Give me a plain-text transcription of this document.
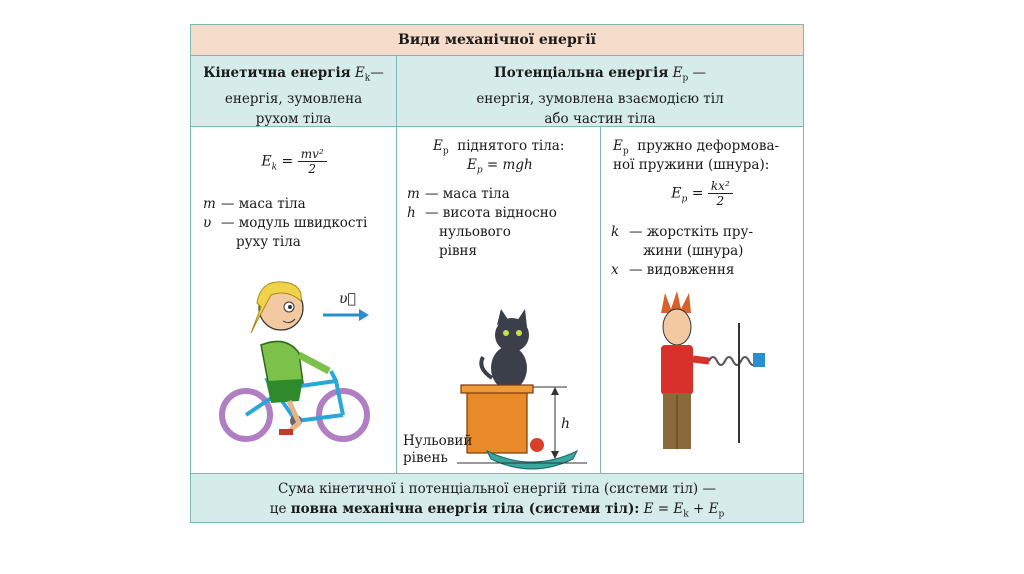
Види механічної енергії
Кінетична енергія $E_k—$
енергія, зумовлена
рухом тіла
Потенціальна енергія $E_p$ —
енергія, зумовлена взаємодією тіл
або частин тіла
$E_k = \frac{\text{mv²}}{2}$
m — маса тіла
υ — модуль швидкості
руху тіла
υ⃗
$E_p$ піднятого тіла:
$E_p$ = mgh
m — маса тіла
h — висота відносно
нульового
рівня
h
Нульовий
рівень
$E_p$ пружно деформова-
ної пружини (шнура):
$E_p = \frac{\text{kx²}}{2}$
k — жорсткіть пру-
жини (шнура)
x — видовження
Сума кінетичної і потенціальної енергій тіла (системи тіл) —
це повна механічна енергія тіла (системи тіл): $E = E_k + E_p$
